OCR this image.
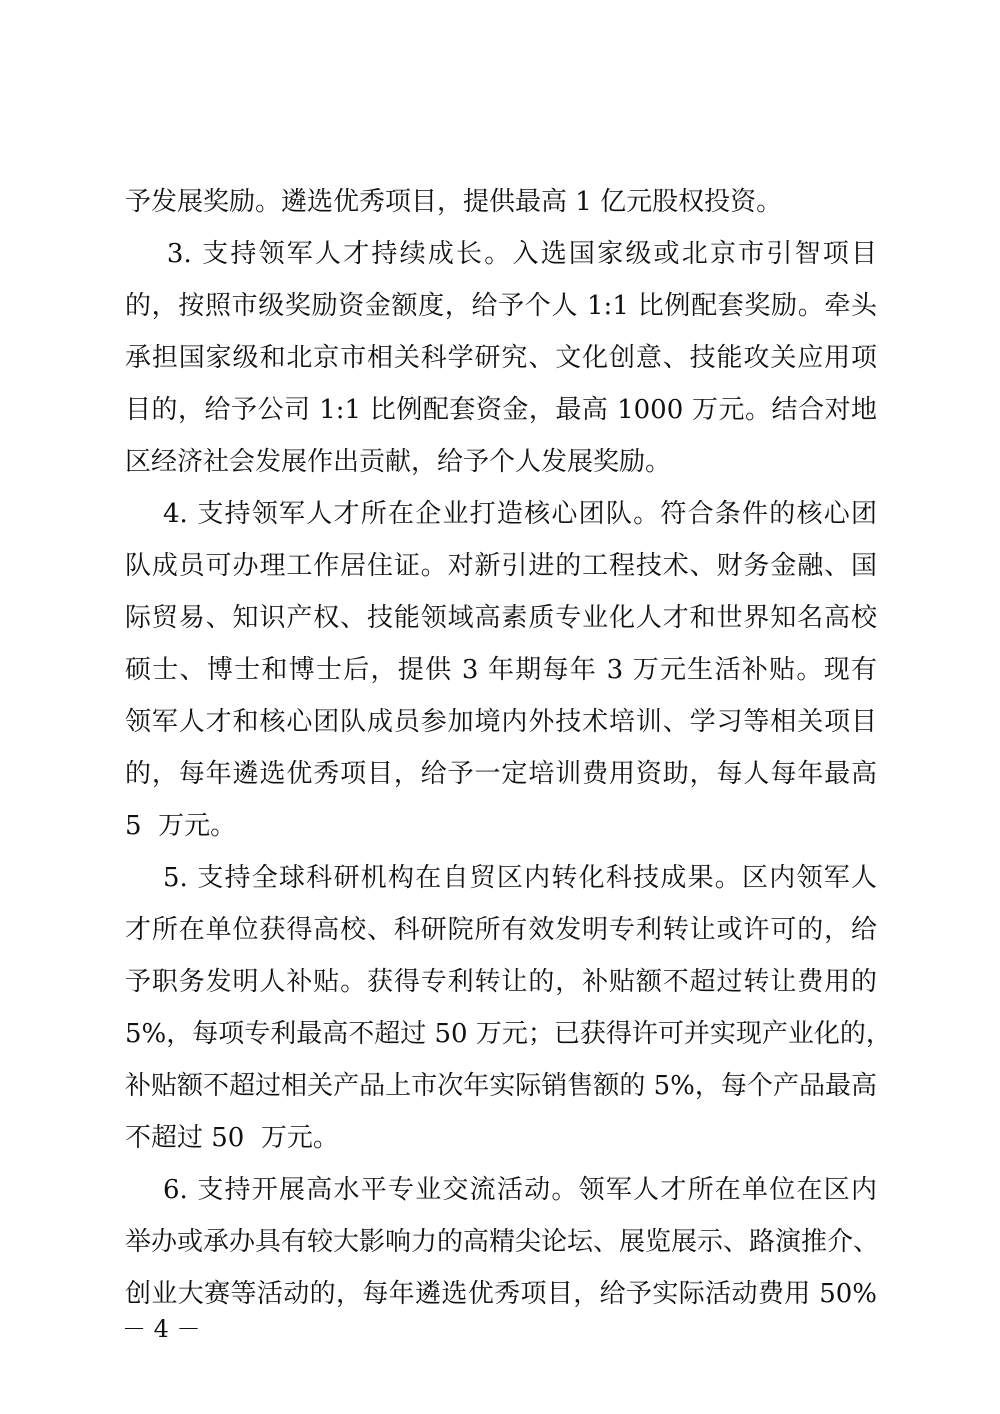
予发展奖励。遴选优秀项目，提供最高 1 亿元股权投资。
3. 支持领军人才持续成长。入选国家级或北京市引智项目
的，按照市级奖励资金额度，给予个人 1:1 比例配套奖励。牵头
承担国家级和北京市相关科学研究、文化创意、技能攻关应用项
目的，给予公司 1:1 比例配套资金，最高 1000 万元。结合对地
区经济社会发展作出贡献，给予个人发展奖励。
4. 支持领军人才所在企业打造核心团队。符合条件的核心团
队成员可办理工作居住证。对新引进的工程技术、财务金融、国
际贸易、知识产权、技能领域高素质专业化人才和世界知名高校
硕士、博士和博士后，提供 3 年期每年 3 万元生活补贴。现有
领军人才和核心团队成员参加境内外技术培训、学习等相关项目
的，每年遴选优秀项目，给予一定培训费用资助，每人每年最高
5  万元。
5. 支持全球科研机构在自贸区内转化科技成果。区内领军人
才所在单位获得高校、科研院所有效发明专利转让或许可的，给
予职务发明人补贴。获得专利转让的，补贴额不超过转让费用的
5%，每项专利最高不超过 50 万元；已获得许可并实现产业化的，
补贴额不超过相关产品上市次年实际销售额的 5%，每个产品最高
不超过 50  万元。
6. 支持开展高水平专业交流活动。领军人才所在单位在区内
举办或承办具有较大影响力的高精尖论坛、展览展示、路演推介、
创业大赛等活动的，每年遴选优秀项目，给予实际活动费用 50%
－ 4 －
